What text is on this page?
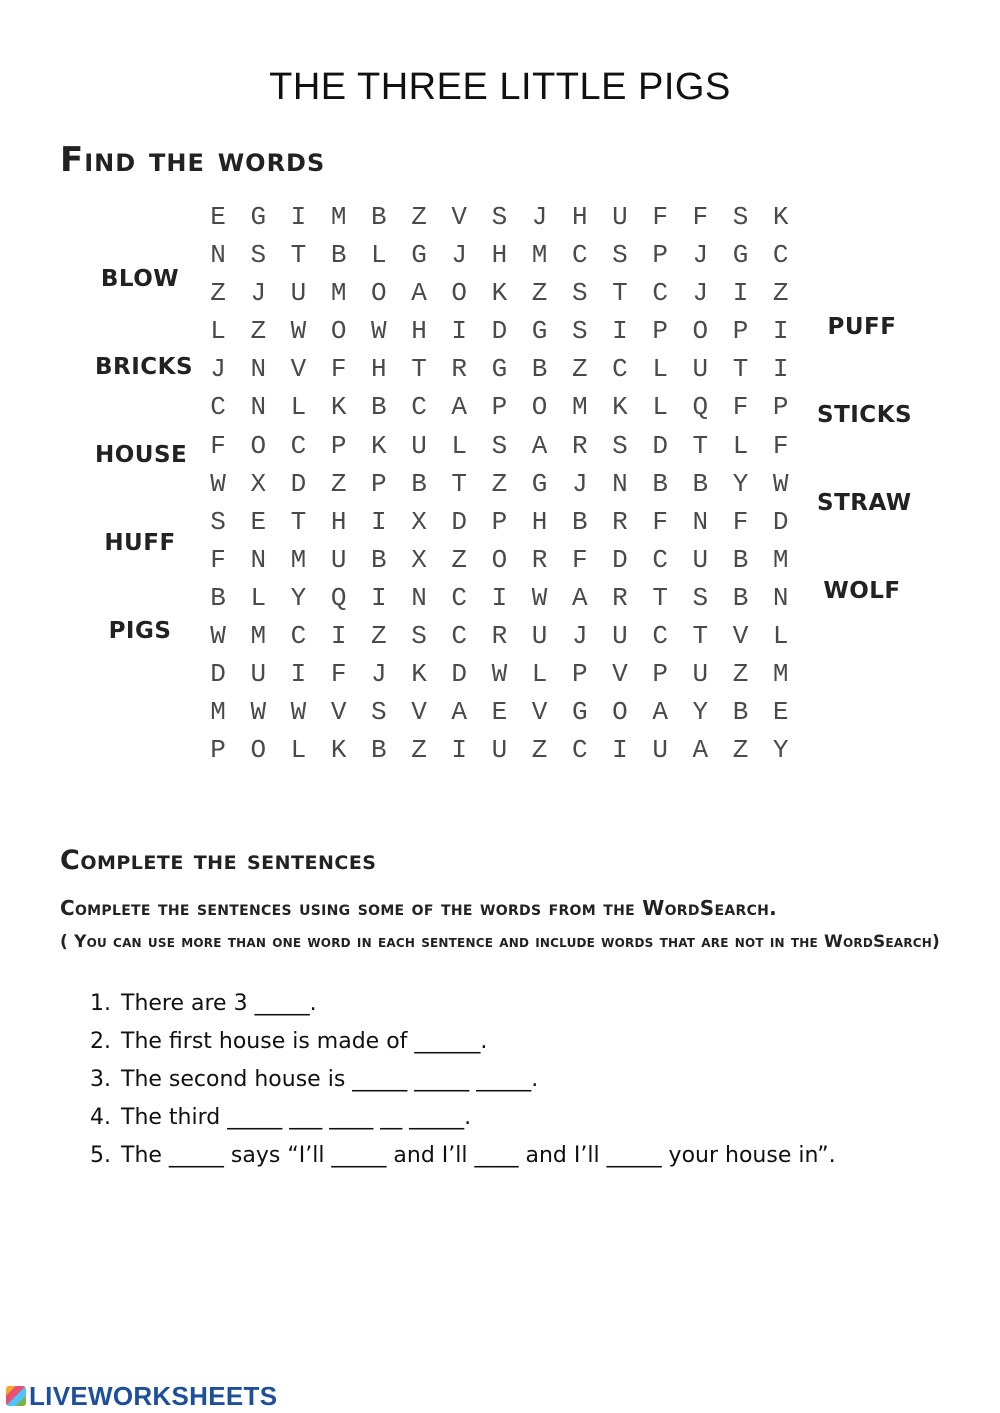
THE THREE LITTLE PIGS
Find the words
E G I M B Z V S J H U F F S K
N S T B L G J H M C S P J G C
Z J U M O A O K Z S T C J I Z
L Z W O W H I D G S I P O P I
J N V F H T R G B Z C L U T I
C N L K B C A P O M K L Q F P
F O C P K U L S A R S D T L F
W X D Z P B T Z G J N B B Y W
S E T H I X D P H B R F N F D
F N M U B X Z O R F D C U B M
B L Y Q I N C I W A R T S B N
W M C I Z S C R U J U C T V L
D U I F J K D W L P V P U Z M
M W W V S V A E V G O A Y B E
P O L K B Z I U Z C I U A Z Y
BLOW
BRICKS
HOUSE
HUFF
PIGS
PUFF
STICKS
STRAW
WOLF
Complete the sentences
Complete the sentences using some of the words from the WordSearch.
( You can use more than one word in each sentence and include words that are not in the WordSearch)
1. There are 3 _____.
2. The first house is made of ______.
3. The second house is _____ _____ _____.
4. The third _____ ___ ____ __ _____.
5. The _____ says “I’ll _____ and I’ll ____ and I’ll _____ your house in”.
LIVEWORKSHEETS
